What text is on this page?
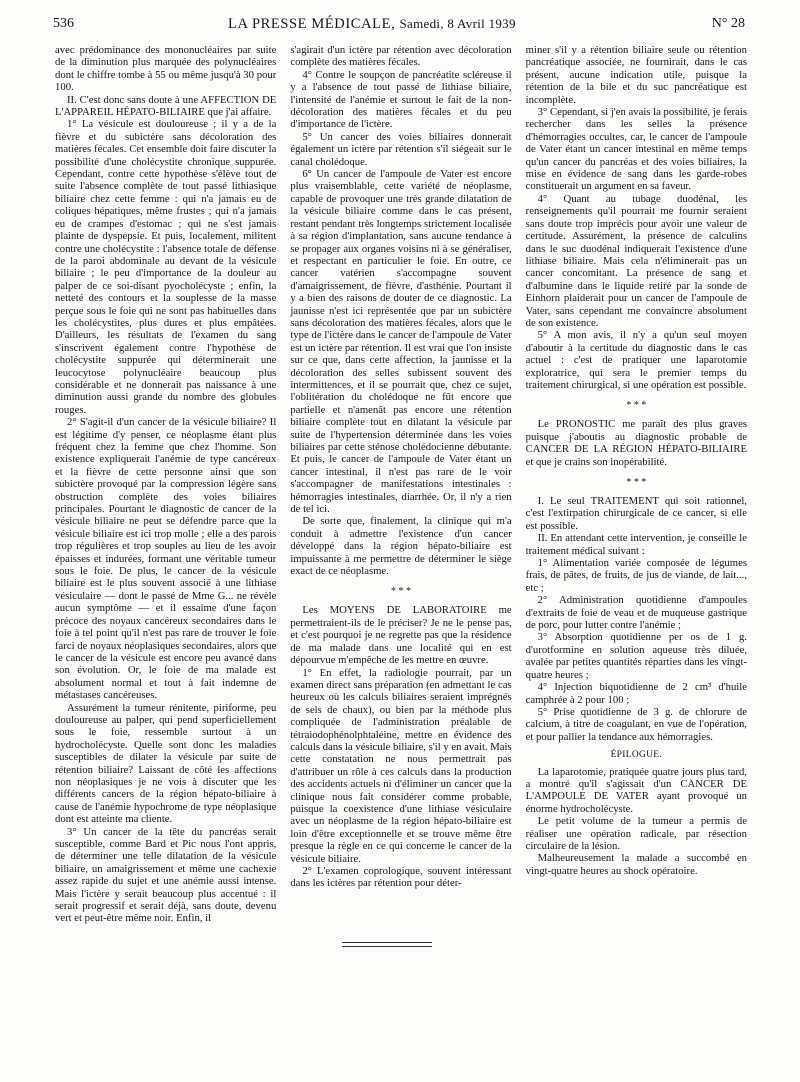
536	LA PRESSE MÉDICALE, Samedi, 8 Avril 1939	N° 28

avec prédominance des mononucléaires par suite de la diminution plus marquée des polynucléaires dont le chiffre tombe à 55 ou même jusqu'à 30 pour 100.

II. C'est donc sans doute à une AFFECTION DE L'APPAREIL HÉPATO-BILIAIRE que j'ai affaire.

1° La vésicule est douloureuse ; il y a de la fièvre et du subictère sans décoloration des matières fécales. Cet ensemble doit faire discuter la possibilité d'une cholécystite chronique suppurée. Cependant, contre cette hypothèse s'élève tout de suite l'absence complète de tout passé lithiasique biliaire chez cette femme : qui n'a jamais eu de coliques hépatiques, même frustes ; qui n'a jamais eu de crampes d'estomac ; qui ne s'est jamais plainte de dyspepsie. Et puis, localement, militent contre une cholécystite : l'absence totale de défense de la paroi abdominale au devant de la vésicule biliaire ; le peu d'importance de la douleur au palper de ce soi-disant pyocholécyste ; enfin, la netteté des contours et la souplesse de la masse perçue sous le foie qui ne sont pas habituelles dans les cholécystites, plus dures et plus empâtées. D'ailleurs, les résultats de l'examen du sang s'inscrivent également contre l'hypothèse de cholécystite suppurée qui déterminerait une leucocytose polynucléaire beaucoup plus considérable et ne donnerait pas naissance à une diminution aussi grande du nombre des globules rouges.

2° S'agit-il d'un cancer de la vésicule biliaire? Il est légitime d'y penser, ce néoplasme étant plus fréquent chez la femme que chez l'homme. Son existence expliquerait l'anémie de type cancéreux et la fièvre de cette personne ainsi que son subictère provoqué par la compression légère sans obstruction complète des voies biliaires principales. Pourtant le diagnostic de cancer de la vésicule biliaire ne peut se défendre parce que la vésicule biliaire est ici trop molle ; elle a des parois trop régulières et trop souples au lieu de les avoir épaisses et indurées, formant une véritable tumeur sous le foie. De plus, le cancer de la vésicule biliaire est le plus souvent associé à une lithiase vésiculaire — dont le passé de Mme G... ne révèle aucun symptôme — et il essaime d'une façon précoce des noyaux cancéreux secondaires dans le foie à tel point qu'il n'est pas rare de trouver le foie farci de noyaux néoplasiques secondaires, alors que le cancer de la vésicule est encore peu avancé dans son évolution. Or, le foie de ma malade est absolument normal et tout à fait indemne de métastases cancéreuses.

Assurément la tumeur rénitente, piriforme, peu douloureuse au palper, qui pend superficiellement sous le foie, ressemble surtout à un hydrocholécyste. Quelle sont donc les maladies susceptibles de dilater la vésicule par suite de rétention biliaire? Laissant de côté les affections non néoplasiques je ne vois à discuter que les différents cancers de la région hépato-biliaire à cause de l'anémie hypochrome de type néoplasique dont est atteinte ma cliente.

3° Un cancer de la tête du pancréas serait susceptible, comme Bard et Pic nous l'ont appris, de déterminer une telle dilatation de la vésicule biliaire, un amaigrissement et même une cachexie assez rapide du sujet et une anémie aussi intense. Mais l'ictère y serait beaucoup plus accentué : il serait progressif et serait déjà, sans doute, devenu vert et peut-être même noir. Enfin, il

s'agirait d'un ictère par rétention avec décoloration complète des matières fécales.

4° Contre le soupçon de pancréatite scléreuse il y a l'absence de tout passé de lithiase biliaire, l'intensité de l'anémie et surtout le fait de la non-décoloration des matières fécales et du peu d'importance de l'ictère.

5° Un cancer des voies biliaires donnerait également un ictère par rétention s'il siégeait sur le canal cholédoque.

6° Un cancer de l'ampoule de Vater est encore plus vraisemblable, cette variété de néoplasme, capable de provoquer une très grande dilatation de la vésicule biliaire comme dans le cas présent, restant pendant très longtemps strictement localisée à sa région d'implantation, sans aucune tendance à se propager aux organes voisins ni à se généraliser, et respectant en particulier le foie. En outre, ce cancer vatérien s'accompagne souvent d'amaigrissement, de fièvre, d'asthénie. Pourtant il y a bien des raisons de douter de ce diagnostic. La jaunisse n'est ici représentée que par un subictère sans décoloration des matières fécales, alors que le type de l'ictère dans le cancer de l'ampoule de Vater est un ictère par rétention. Il est vrai que l'on insiste sur ce que, dans cette affection, la jaunisse et la décoloration des selles subissent souvent des intermittences, et il se pourrait que, chez ce sujet, l'oblitération du cholédoque ne fût encore que partielle et n'amenât pas encore une rétention biliaire complète tout en dilatant la vésicule par suite de l'hypertension déterminée dans les voies biliaires par cette sténose cholédocienne débutante. Et puis, le cancer de l'ampoule de Vater étant un cancer intestinal, il n'est pas rare de le voir s'accompagner de manifestations intestinales : hémorragies intestinales, diarrhée. Or, il n'y a rien de tel ici.

De sorte que, finalement, la clinique qui m'a conduit à admettre l'existence d'un cancer développé dans la région hépato-biliaire est impuissante à me permettre de déterminer le siège exact de ce néoplasme.

* * *

Les MOYENS DE LABORATOIRE me permettraient-ils de le préciser? Je ne le pense pas, et c'est pourquoi je ne regrette pas que la résidence de ma malade dans une localité qui en est dépourvue m'empêche de les mettre en œuvre.

1° En effet, la radiologie pourrait, par un examen direct sans préparation (en admettant le cas heureux où les calculs biliaires seraient imprégnés de sels de chaux), ou bien par la méthode plus compliquée de l'administration préalable de tétraiodophénolphtaléine, mettre en évidence des calculs dans la vésicule biliaire, s'il y en avait. Mais cette constatation ne nous permettrait pas d'attribuer un rôle à ces calculs dans la production des accidents actuels ni d'éliminer un cancer que la clinique nous fait considérer comme probable, puisque la coexistence d'une lithiase vésiculaire avec un néoplasme de la région hépato-biliaire est loin d'être exceptionnelle et se trouve même être presque la règle en ce qui concerne le cancer de la vésicule biliaire.

2° L'examen coprologique, souvent intéressant dans les ictères par rétention pour déter-

miner s'il y a rétention biliaire seule ou rétention pancréatique associée, ne fournirait, dans le cas présent, aucune indication utile, puisque la rétention de la bile et du suc pancréatique est incomplète.

3° Cependant, si j'en avais la possibilité, je ferais rechercher dans les selles la présence d'hémorragies occultes, car, le cancer de l'ampoule de Vater étant un cancer intestinal en même temps qu'un cancer du pancréas et des voies biliaires, la mise en évidence de sang dans les garde-robes constituerait un argument en sa faveur.

4° Quant au tubage duodénal, les renseignements qu'il pourrait me fournir seraient sans doute trop imprécis pour avoir une valeur de certitude. Assurément, la présence de calculins dans le suc duodénal indiquerait l'existence d'une lithiase biliaire. Mais cela n'éliminerait pas un cancer concomitant. La présence de sang et d'albumine dans le liquide retiré par la sonde de Einhorn plaiderait pour un cancer de l'ampoule de Vater, sans cependant me convaincre absolument de son existence.

5° A mon avis, il n'y a qu'un seul moyen d'aboutir à la certitude du diagnostic dans le cas actuel : c'est de pratiquer une laparotomie exploratrice, qui sera le premier temps du traitement chirurgical, si une opération est possible.

* * *

Le PRONOSTIC me paraît des plus graves puisque j'aboutis au diagnostic probable de CANCER DE LA RÉGION HÉPATO-BILIAIRE et que je crains son inopérabilité.

* * *

I. Le seul TRAITEMENT qui soit rationnel, c'est l'extirpation chirurgicale de ce cancer, si elle est possible.

II. En attendant cette intervention, je conseille le traitement médical suivant :

1° Alimentation variée composée de légumes frais, de pâtes, de fruits, de jus de viande, de lait..., etc ;

2° Administration quotidienne d'ampoules d'extraits de foie de veau et de muqueuse gastrique de porc, pour lutter contre l'anémie ;

3° Absorption quotidienne per os de 1 g. d'urotformine en solution aqueuse très diluée, avalée par petites quantités réparties dans les vingt-quatre heures ;

4° Injection biquotidienne de 2 cm³ d'huile camphrée à 2 pour 100 ;

5° Prise quotidienne de 3 g. de chlorure de calcium, à titre de coagulant, en vue de l'opération, et pour pallier la tendance aux hémorragies.

ÉPILOGUE.

La laparotomie, pratiquée quatre jours plus tard, a montré qu'il s'agissait d'un CANCER DE L'AMPOULE DE VATER ayant provoqué un énorme hydrocholécyste.

Le petit volume de la tumeur a permis de réaliser une opération radicale, par résection circulaire de la lésion.

Malheureusement la malade a succombé en vingt-quatre heures au shock opératoire.
